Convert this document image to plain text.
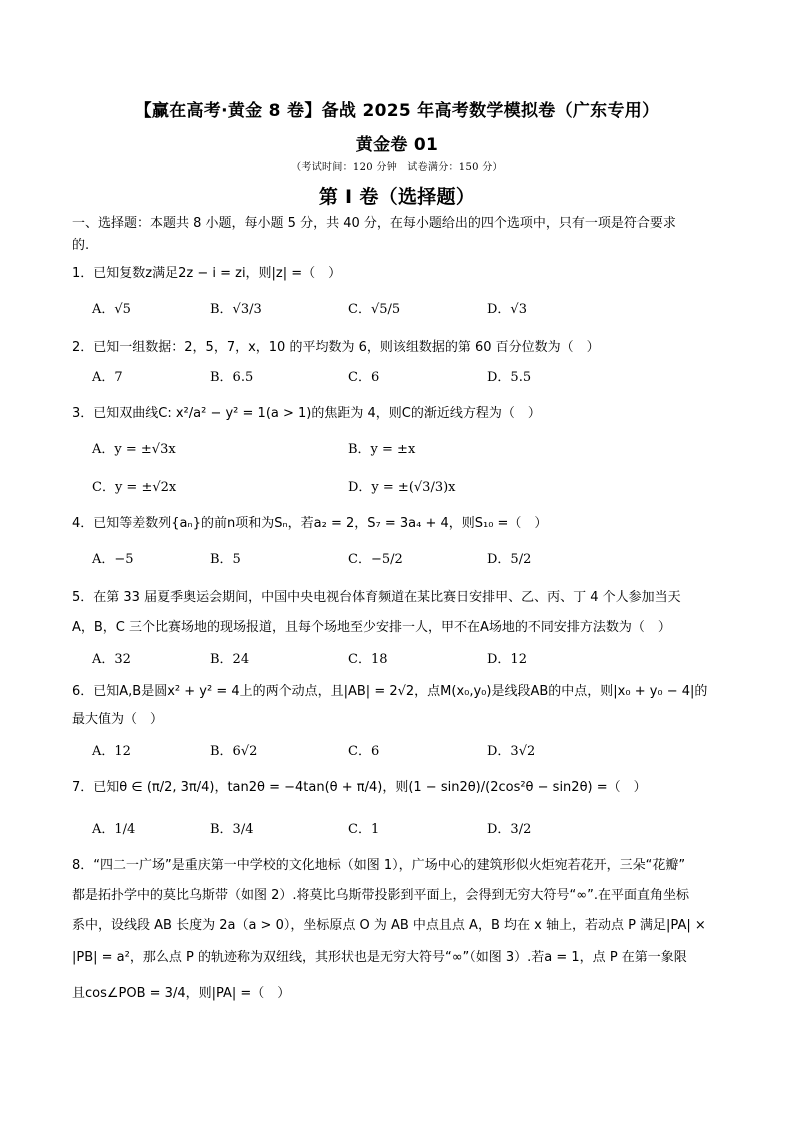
【赢在高考·黄金 8 卷】备战 2025 年高考数学模拟卷（广东专用）
黄金卷 01
（考试时间：120 分钟　试卷满分：150 分）
第 I 卷（选择题）
一、选择题：本题共 8 小题，每小题 5 分，共 40 分，在每小题给出的四个选项中，只有一项是符合要求
的.
1．已知复数z满足2z − i = zi，则|z| =（　）
A．√5	B．√3/3	C．√5/5	D．√3
2．已知一组数据：2，5，7，x，10 的平均数为 6，则该组数据的第 60 百分位数为（　）
A．7	B．6.5	C．6	D．5.5
3．已知双曲线C: x²/a² − y² = 1(a > 1)的焦距为 4，则C的渐近线方程为（　）
A．y = ±√3x	B．y = ±x
C．y = ±√2x	D．y = ±(√3/3)x
4．已知等差数列{aₙ}的前n项和为Sₙ，若a₂ = 2，S₇ = 3a₄ + 4，则S₁₀ =（　）
A．−5	B．5	C．−5/2	D．5/2
5．在第 33 届夏季奥运会期间，中国中央电视台体育频道在某比赛日安排甲、乙、丙、丁 4 个人参加当天
A，B，C 三个比赛场地的现场报道，且每个场地至少安排一人，甲不在A场地的不同安排方法数为（　）
A．32	B．24	C．18	D．12
6．已知A,B是圆x² + y² = 4上的两个动点，且|AB| = 2√2，点M(x₀,y₀)是线段AB的中点，则|x₀ + y₀ − 4|的
最大值为（　）
A．12	B．6√2	C．6	D．3√2
7．已知θ ∈ (π/2, 3π/4)，tan2θ = −4tan(θ + π/4)，则(1 − sin2θ)/(2cos²θ − sin2θ) =（　）
A．1/4	B．3/4	C．1	D．3/2
8．“四二一广场”是重庆第一中学校的文化地标（如图 1），广场中心的建筑形似火炬宛若花开，三朵“花瓣”
都是拓扑学中的莫比乌斯带（如图 2）.将莫比乌斯带投影到平面上，会得到无穷大符号“∞”.在平面直角坐标
系中，设线段 AB 长度为 2a（a > 0），坐标原点 O 为 AB 中点且点 A，B 均在 x 轴上，若动点 P 满足|PA| ×
|PB| = a²，那么点 P 的轨迹称为双纽线，其形状也是无穷大符号“∞”（如图 3）.若a = 1，点 P 在第一象限
且cos∠POB = 3/4，则|PA| =（　）
